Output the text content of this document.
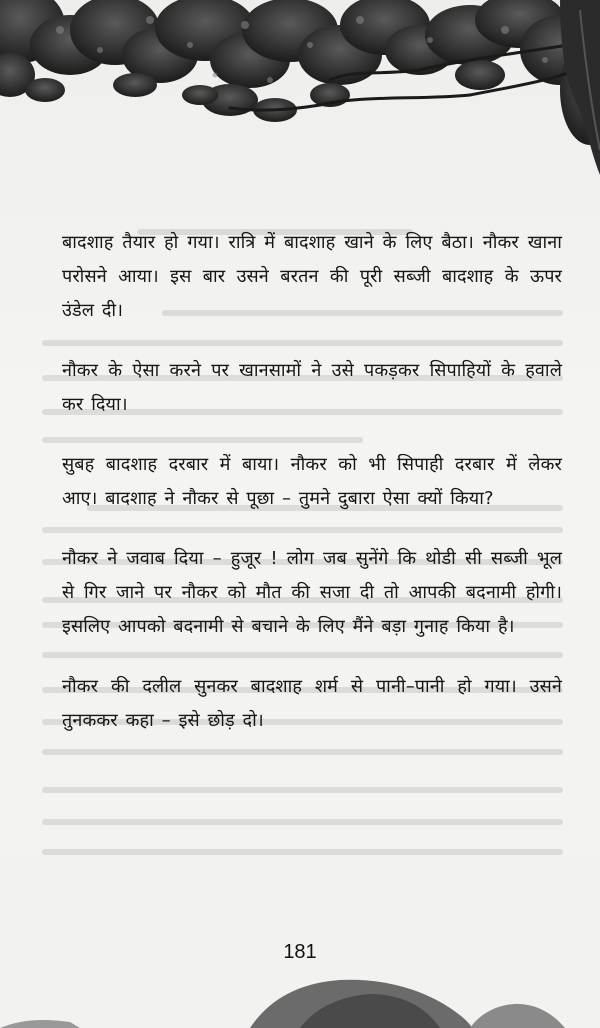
बादशाह तैयार हो गया। रात्रि में बादशाह खाने के लिए बैठा। नौकर खाना परोसने आया। इस बार उसने बरतन की पूरी सब्जी बादशाह के ऊपर उंडेल दी।

नौकर के ऐसा करने पर खानसामों ने उसे पकड़कर सिपाहियों के हवाले कर दिया।

सुबह बादशाह दरबार में बाया। नौकर को भी सिपाही दरबार में लेकर आए। बादशाह ने नौकर से पूछा – तुमने दुबारा ऐसा क्यों किया?

नौकर ने जवाब दिया – हुजूर ! लोग जब सुनेंगे कि थोडी सी सब्जी भूल से गिर जाने पर नौकर को मौत की सजा दी तो आपकी बदनामी होगी। इसलिए आपको बदनामी से बचाने के लिए मैंने बड़ा गुनाह किया है।

नौकर की दलील सुनकर बादशाह शर्म से पानी–पानी हो गया। उसने तुनककर कहा – इसे छोड़ दो।

181
